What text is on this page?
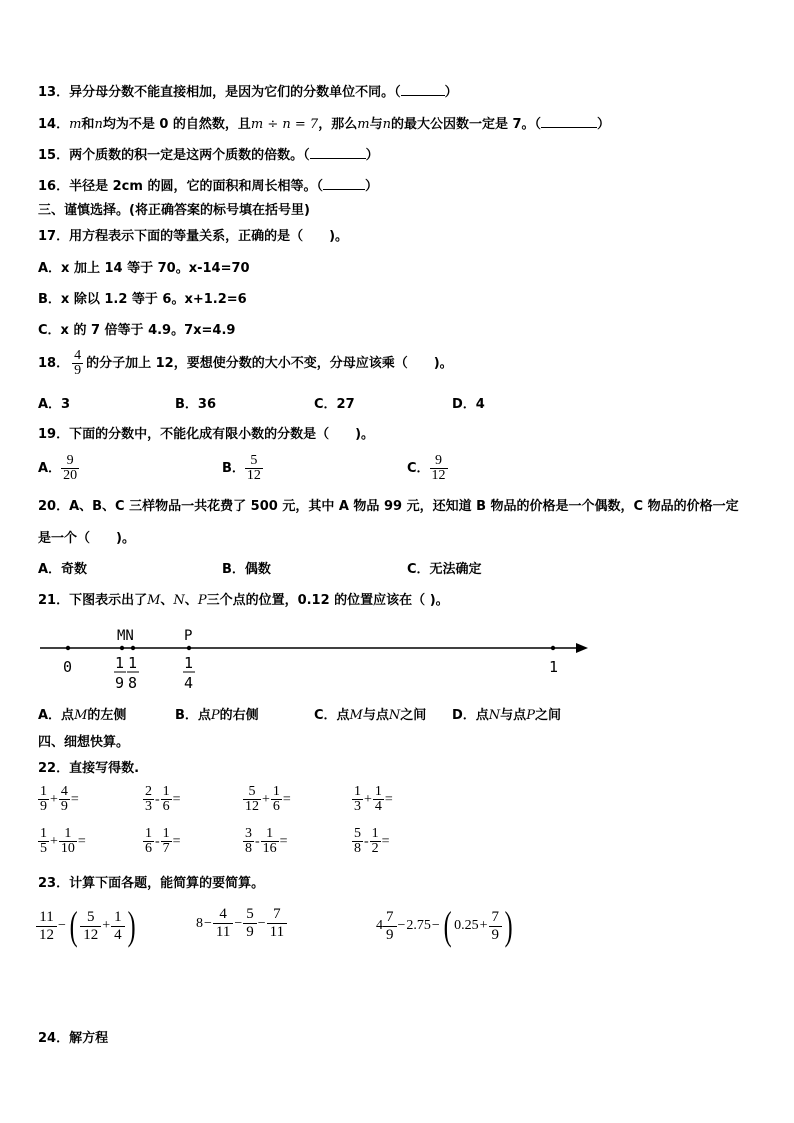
13．异分母分数不能直接相加，是因为它们的分数单位不同。（	）
14．m和n均为不是 0 的自然数，且m ÷ n = 7，那么m与n的最大公因数一定是 7。（	）
15．两个质数的积一定是这两个质数的倍数。（	）
16．半径是 2cm 的圆，它的面积和周长相等。（	）
三、谨慎选择。(将正确答案的标号填在括号里)
17．用方程表示下面的等量关系，正确的是（　　)。
A．x 加上 14 等于 70。x-14=70
B．x 除以 1.2 等于 6。x+1.2=6
C．x 的 7 倍等于 4.9。7x=4.9
18． $\frac{4}{9}$ 的分子加上 12，要想使分数的大小不变，分母应该乘（　　)。
A．3	B．36	C．27	D．4
19．下面的分数中，不能化成有限小数的分数是（　　)。
A． $\frac{9}{20}$	B． $\frac{5}{12}$	C． $\frac{9}{12}$
20．A、B、C 三样物品一共花费了 500 元，其中 A 物品 99 元，还知道 B 物品的价格是一个偶数，C 物品的价格一定
是一个（　　)。
A．奇数	B．偶数	C．无法确定
21．下图表示出了M、N、P三个点的位置，0.12 的位置应该在（ )。
MN	P
0	1
1
9
1
8
1
4
A．点M的左侧	B．点P的右侧	C．点M与点N之间 D．点N与点P之间
四、细想快算。
22．直接写得数.
$\frac{1}{9} + \frac{4}{9}$ =	$\frac{2}{3} - \frac{1}{6}$ =	$\frac{5}{12} + \frac{1}{6}$ =	$\frac{1}{3} + \frac{1}{4}$ =
$\frac{1}{5} + \frac{1}{10}$ =	$\frac{1}{6} - \frac{1}{7}$ =	$\frac{3}{8} - \frac{1}{16}$ =	$\frac{5}{8} - \frac{1}{2}$ =
23．计算下面各题，能简算的要简算。
$\frac{11}{12}$ − ( $\frac{5}{12} + \frac{1}{4}$ )	$8 - \frac{4}{11} - \frac{5}{9} - \frac{7}{11}$	$4 \frac{7}{9} - 2.75$ − ( $0.25 + \frac{7}{9}$ )
24．解方程
